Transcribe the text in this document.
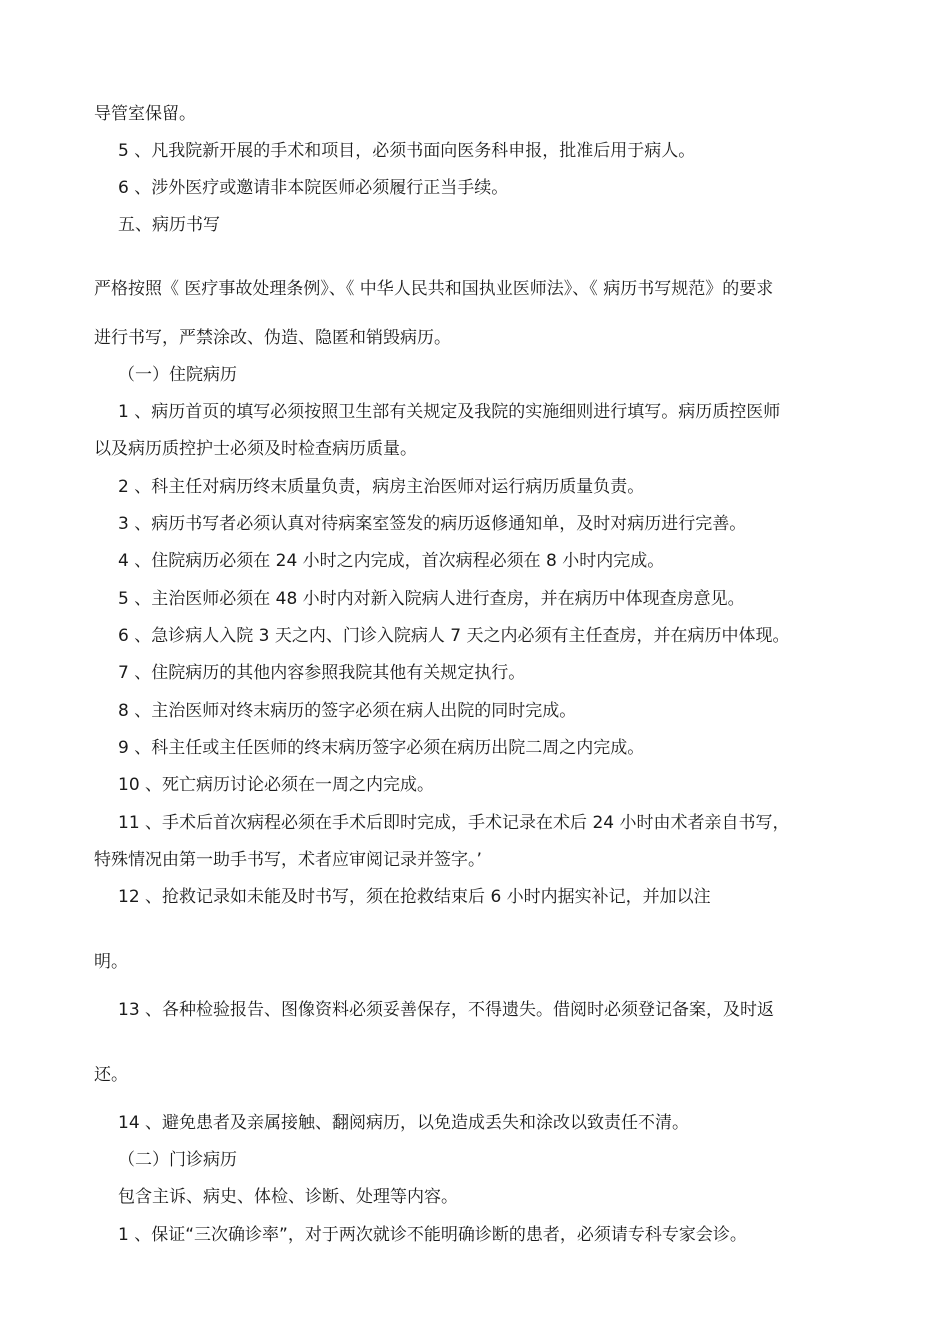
导管室保留。
5 、凡我院新开展的手术和项目，必须书面向医务科申报，批准后用于病人。
6 、涉外医疗或邀请非本院医师必须履行正当手续。
五、病历书写
严格按照《 医疗事故处理条例》、《 中华人民共和国执业医师法》、《 病历书写规范》的要求
进行书写，严禁涂改、伪造、隐匿和销毁病历。
（一）住院病历
1 、病历首页的填写必须按照卫生部有关规定及我院的实施细则进行填写。病历质控医师
以及病历质控护士必须及时检查病历质量。
2 、科主任对病历终末质量负责，病房主治医师对运行病历质量负责。
3 、病历书写者必须认真对待病案室签发的病历返修通知单，及时对病历进行完善。
4 、住院病历必须在 24 小时之内完成，首次病程必须在 8 小时内完成。
5 、主治医师必须在 48 小时内对新入院病人进行查房，并在病历中体现查房意见。
6 、急诊病人入院 3 天之内、门诊入院病人 7 天之内必须有主任查房，并在病历中体现。
7 、住院病历的其他内容参照我院其他有关规定执行。
8 、主治医师对终末病历的签字必须在病人出院的同时完成。
9 、科主任或主任医师的终末病历签字必须在病历出院二周之内完成。
10 、死亡病历讨论必须在一周之内完成。
11 、手术后首次病程必须在手术后即时完成，手术记录在术后 24 小时由术者亲自书写，
特殊情况由第一助手书写，术者应审阅记录并签字。’
12 、抢救记录如未能及时书写，须在抢救结束后 6 小时内据实补记，并加以注
明。
13 、各种检验报告、图像资料必须妥善保存，不得遗失。借阅时必须登记备案，及时返
还。
14 、避免患者及亲属接触、翻阅病历，以免造成丢失和涂改以致责任不清。
（二）门诊病历
包含主诉、病史、体检、诊断、处理等内容。
1 、保证“三次确诊率”，对于两次就诊不能明确诊断的患者，必须请专科专家会诊。
